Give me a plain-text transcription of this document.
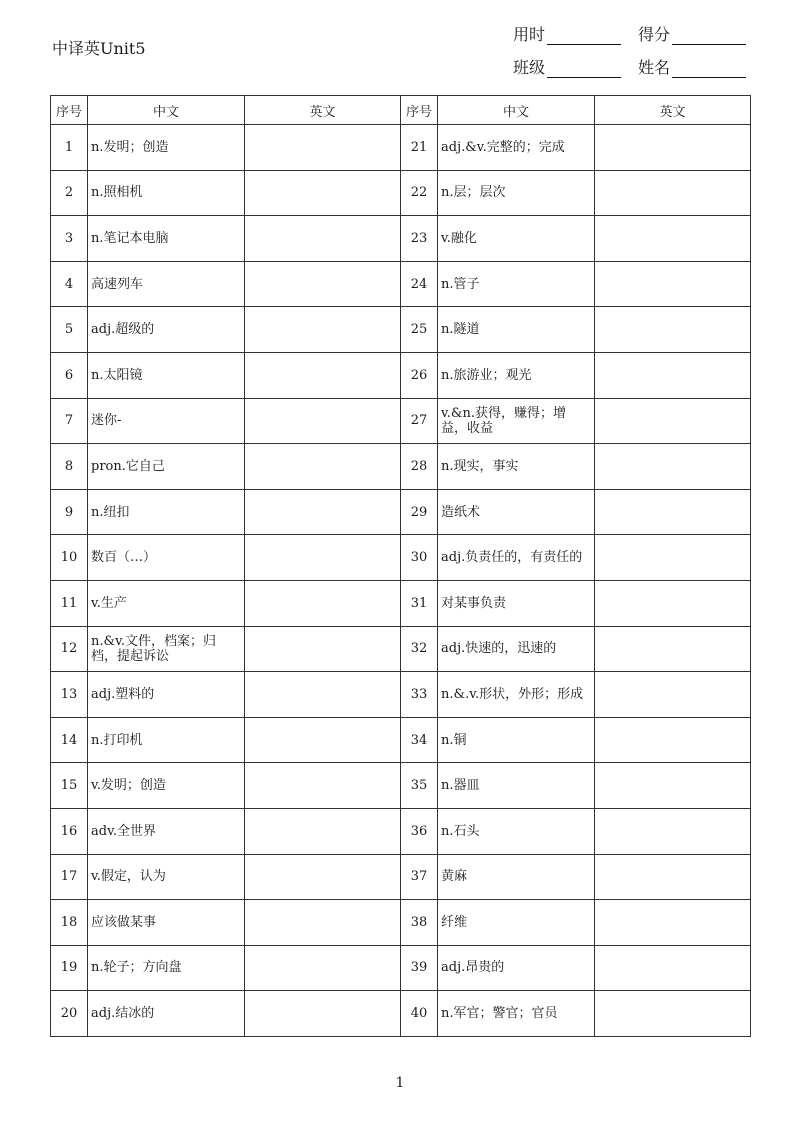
中译英Unit5
用时	得分
班级	姓名
序号	中文	英文	序号	中文	英文
1	n.发明；创造		21	adj.&v.完整的；完成	
2	n.照相机		22	n.层；层次	
3	n.笔记本电脑		23	v.融化	
4	高速列车		24	n.管子	
5	adj.超级的		25	n.隧道	
6	n.太阳镜		26	n.旅游业；观光	
7	迷你-		27	v.&n.获得，赚得；增益，收益	
8	pron.它自己		28	n.现实，事实	
9	n.纽扣		29	造纸术	
10	数百（…）		30	adj.负责任的，有责任的	
11	v.生产		31	对某事负责	
12	n.&v.文件，档案；归档，提起诉讼		32	adj.快速的，迅速的	
13	adj.塑料的		33	n.&.v.形状，外形；形成	
14	n.打印机		34	n.铜	
15	v.发明；创造		35	n.器皿	
16	adv.全世界		36	n.石头	
17	v.假定，认为		37	黄麻	
18	应该做某事		38	纤维	
19	n.轮子；方向盘		39	adj.昂贵的	
20	adj.结冰的		40	n.军官；警官；官员	
1
